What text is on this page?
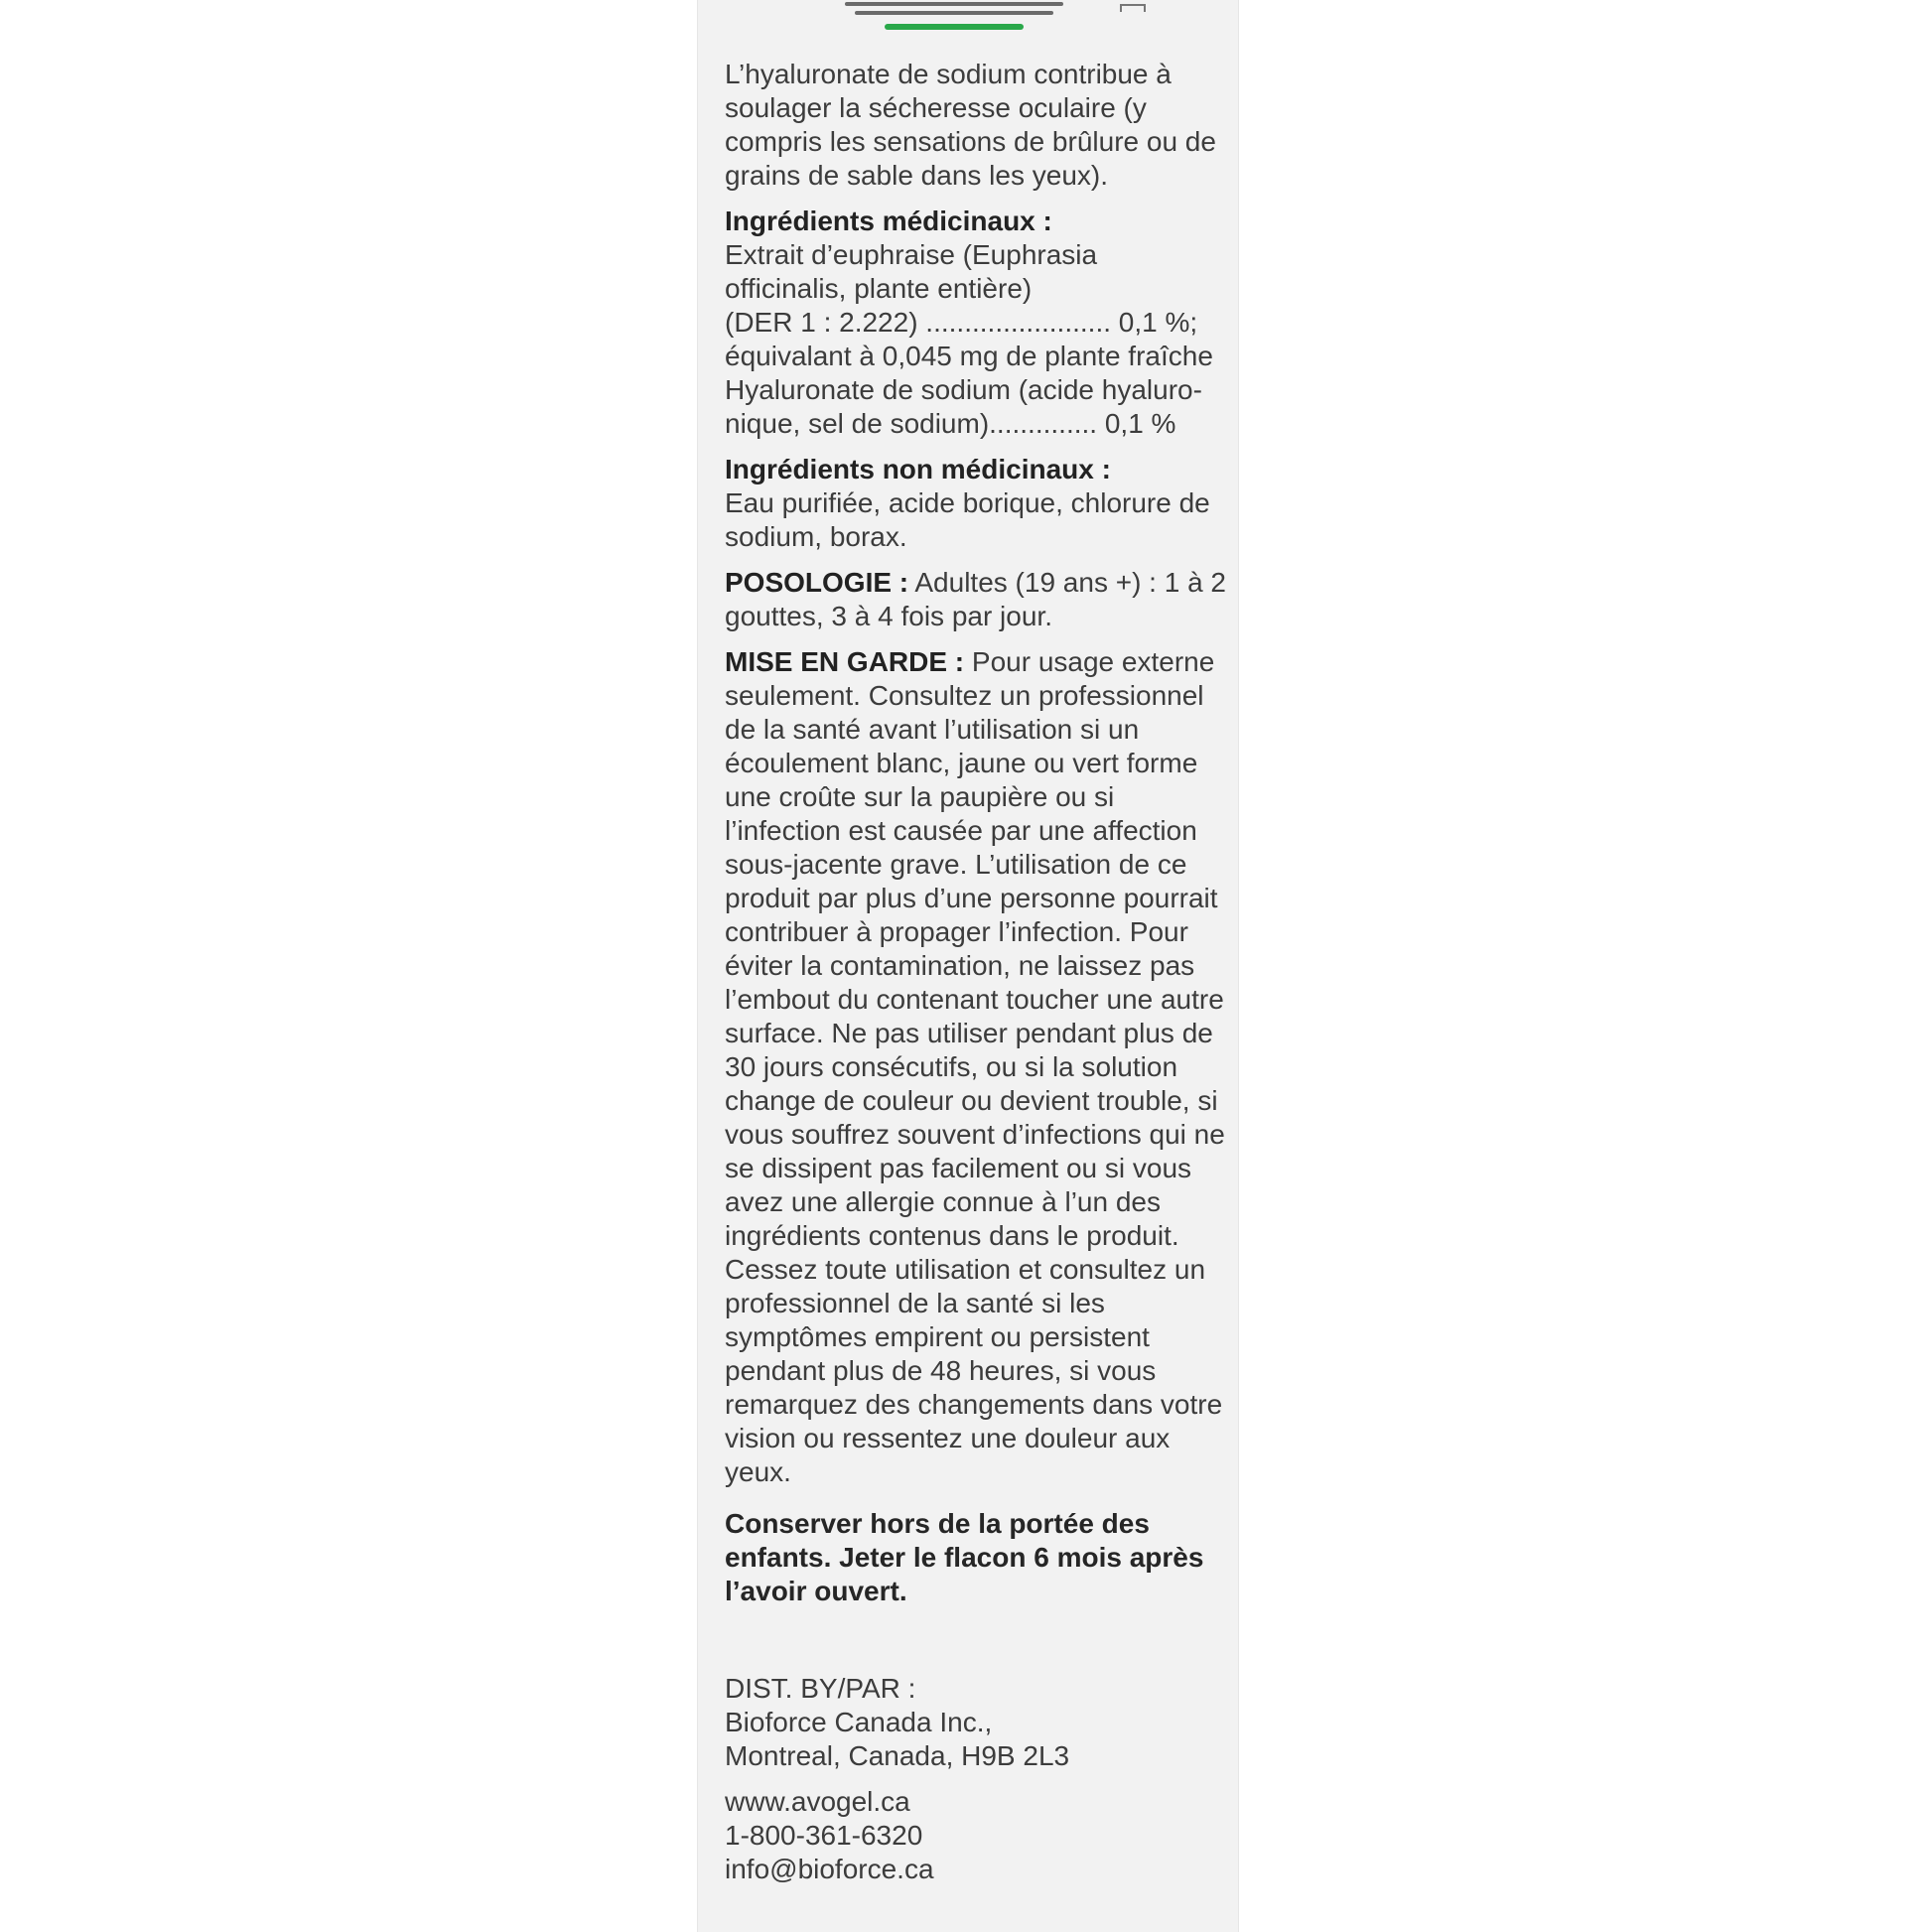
L’hyaluronate de sodium contribue à soulager la sécheresse oculaire (y compris les sensations de brûlure ou de grains de sable dans les yeux).

Ingrédients médicinaux :
Extrait d’euphraise (Euphrasia
officinalis, plante entière)
(DER 1 : 2.222) ........................ 0,1 %;
équivalant à 0,045 mg de plante fraîche
Hyaluronate de sodium (acide hyaluro-
nique, sel de sodium).............. 0,1 %

Ingrédients non médicinaux :
Eau purifiée, acide borique, chlorure de sodium, borax.

POSOLOGIE : Adultes (19 ans +) : 1 à 2 gouttes, 3 à 4 fois par jour.

MISE EN GARDE : Pour usage externe seulement. Consultez un professionnel de la santé avant l’utilisation si un écoulement blanc, jaune ou vert forme une croûte sur la paupière ou si l’infection est causée par une affection sous-jacente grave. L’utilisation de ce produit par plus d’une personne pourrait contribuer à propager l’infection. Pour éviter la contamination, ne laissez pas l’embout du contenant toucher une autre surface. Ne pas utiliser pendant plus de 30 jours consécutifs, ou si la solution change de couleur ou devient trouble, si vous souffrez souvent d’infections qui ne se dissipent pas facilement ou si vous avez une allergie connue à l’un des ingrédients contenus dans le produit. Cessez toute utilisation et consultez un professionnel de la santé si les symptômes empirent ou persistent pendant plus de 48 heures, si vous remarquez des changements dans votre vision ou ressentez une douleur aux yeux.

Conserver hors de la portée des enfants. Jeter le flacon 6 mois après l’avoir ouvert.

DIST. BY/PAR :
Bioforce Canada Inc.,
Montreal, Canada, H9B 2L3

www.avogel.ca
1-800-361-6320
info@bioforce.ca
